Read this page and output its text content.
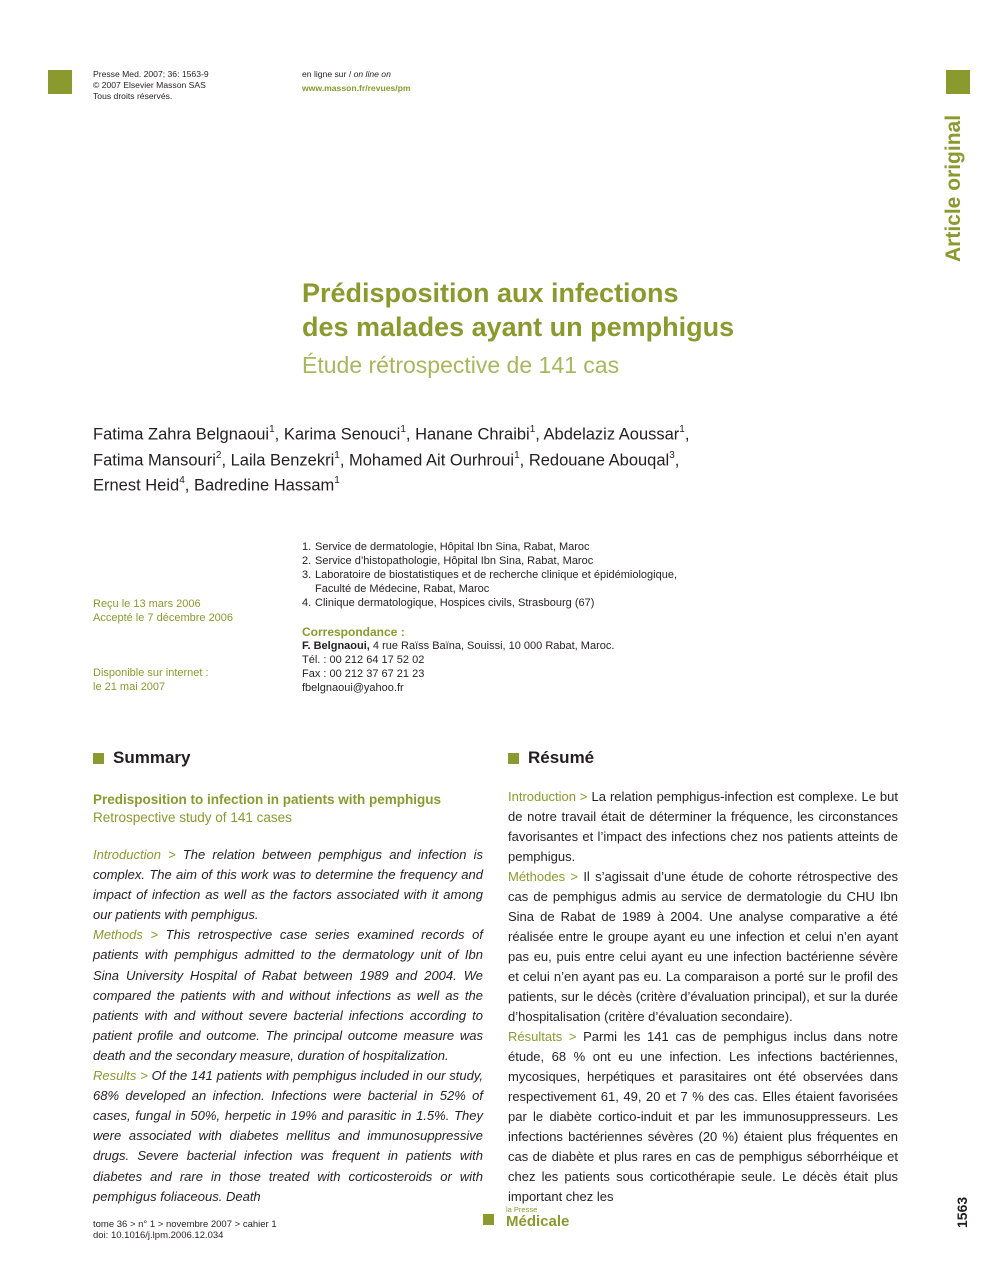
Presse Med. 2007; 36: 1563-9
© 2007 Elsevier Masson SAS
Tous droits réservés.
en ligne sur / on line on
www.masson.fr/revues/pm
Article original
Prédisposition aux infections
des malades ayant un pemphigus
Étude rétrospective de 141 cas
Fatima Zahra Belgnaoui$^1$, Karima Senouci$^1$, Hanane Chraibi$^1$, Abdelaziz Aoussar$^1$,
Fatima Mansouri$^2$, Laila Benzekri$^1$, Mohamed Ait Ourhroui$^1$, Redouane Abouqal$^3$,
Ernest Heid$^4$, Badredine Hassam$^1$
1. Service de dermatologie, Hôpital Ibn Sina, Rabat, Maroc
2. Service d’histopathologie, Hôpital Ibn Sina, Rabat, Maroc
3. Laboratoire de biostatistiques et de recherche clinique et épidémiologique,
Faculté de Médecine, Rabat, Maroc
4. Clinique dermatologique, Hospices civils, Strasbourg (67)
Reçu le 13 mars 2006
Accepté le 7 décembre 2006
Disponible sur internet :
le 21 mai 2007
Correspondance :
F. Belgnaoui, 4 rue Raïss Baïna, Souissi, 10 000 Rabat, Maroc.
Tél. : 00 212 64 17 52 02
Fax : 00 212 37 67 21 23
fbelgnaoui@yahoo.fr
Summary
Predisposition to infection in patients with pemphigus
Retrospective study of 141 cases

Introduction > The relation between pemphigus and infection is complex. The aim of this work was to determine the frequency and impact of infection as well as the factors associated with it among our patients with pemphigus.

Methods > This retrospective case series examined records of patients with pemphigus admitted to the dermatology unit of Ibn Sina University Hospital of Rabat between 1989 and 2004. We compared the patients with and without infections as well as the patients with and without severe bacterial infections according to patient profile and outcome. The principal outcome measure was death and the secondary measure, duration of hospitalization.

Results > Of the 141 patients with pemphigus included in our study, 68% developed an infection. Infections were bacterial in 52% of cases, fungal in 50%, herpetic in 19% and parasitic in 1.5%. They were associated with diabetes mellitus and immunosuppressive drugs. Severe bacterial infection was frequent in patients with diabetes and rare in those treated with corticosteroids or with pemphigus foliaceous. Death

Résumé

Introduction > La relation pemphigus-infection est complexe. Le but de notre travail était de déterminer la fréquence, les circonstances favorisantes et l’impact des infections chez nos patients atteints de pemphigus.

Méthodes > Il s’agissait d’une étude de cohorte rétrospective des cas de pemphigus admis au service de dermatologie du CHU Ibn Sina de Rabat de 1989 à 2004. Une analyse comparative a été réalisée entre le groupe ayant eu une infection et celui n’en ayant pas eu, puis entre celui ayant eu une infection bactérienne sévère et celui n’en ayant pas eu. La comparaison a porté sur le profil des patients, sur le décès (critère d’évaluation principal), et sur la durée d’hospitalisation (critère d’évaluation secondaire).

Résultats > Parmi les 141 cas de pemphigus inclus dans notre étude, 68 % ont eu une infection. Les infections bactériennes, mycosiques, herpétiques et parasitaires ont été observées dans respectivement 61, 49, 20 et 7 % des cas. Elles étaient favorisées par le diabète cortico-induit et par les immunosuppresseurs. Les infections bactériennes sévères (20 %) étaient plus fréquentes en cas de diabète et plus rares en cas de pemphigus séborrhéique et chez les patients sous corticothérapie seule. Le décès était plus important chez les

tome 36 > n° 1 > novembre 2007 > cahier 1
doi: 10.1016/j.lpm.2006.12.034
la Presse
Médicale	1563
